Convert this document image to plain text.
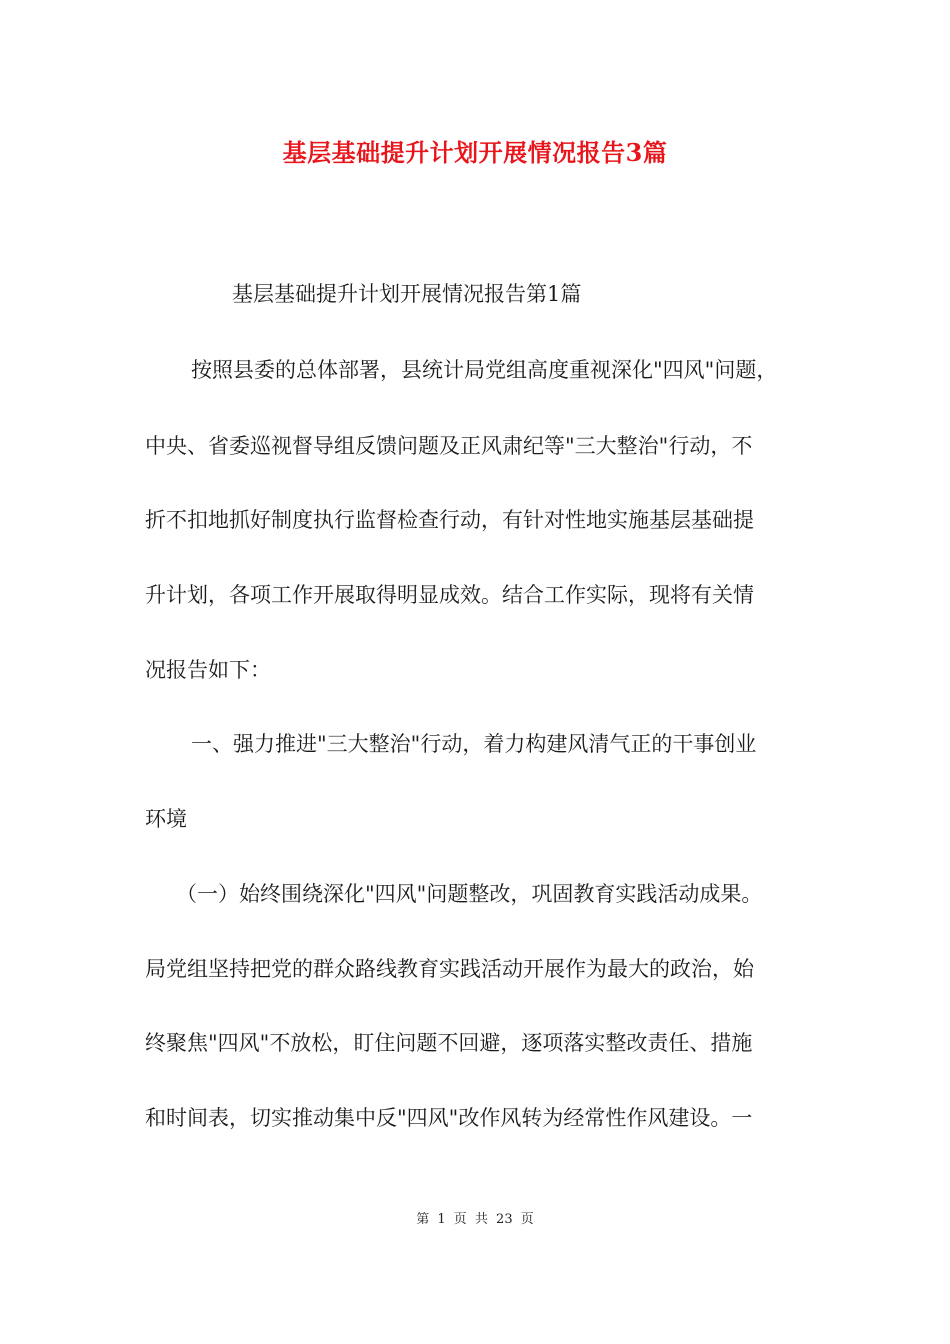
基层基础提升计划开展情况报告3篇
基层基础提升计划开展情况报告第1篇
按照县委的总体部署，县统计局党组高度重视深化"四风"问题，
中央、省委巡视督导组反馈问题及正风肃纪等"三大整治"行动，不
折不扣地抓好制度执行监督检查行动，有针对性地实施基层基础提
升计划，各项工作开展取得明显成效。结合工作实际，现将有关情
况报告如下：
一、强力推进"三大整治"行动，着力构建风清气正的干事创业
环境
（一）始终围绕深化"四风"问题整改，巩固教育实践活动成果。
局党组坚持把党的群众路线教育实践活动开展作为最大的政治，始
终聚焦"四风"不放松，盯住问题不回避，逐项落实整改责任、措施
和时间表，切实推动集中反"四风"改作风转为经常性作风建设。一
第 1 页 共 23 页
